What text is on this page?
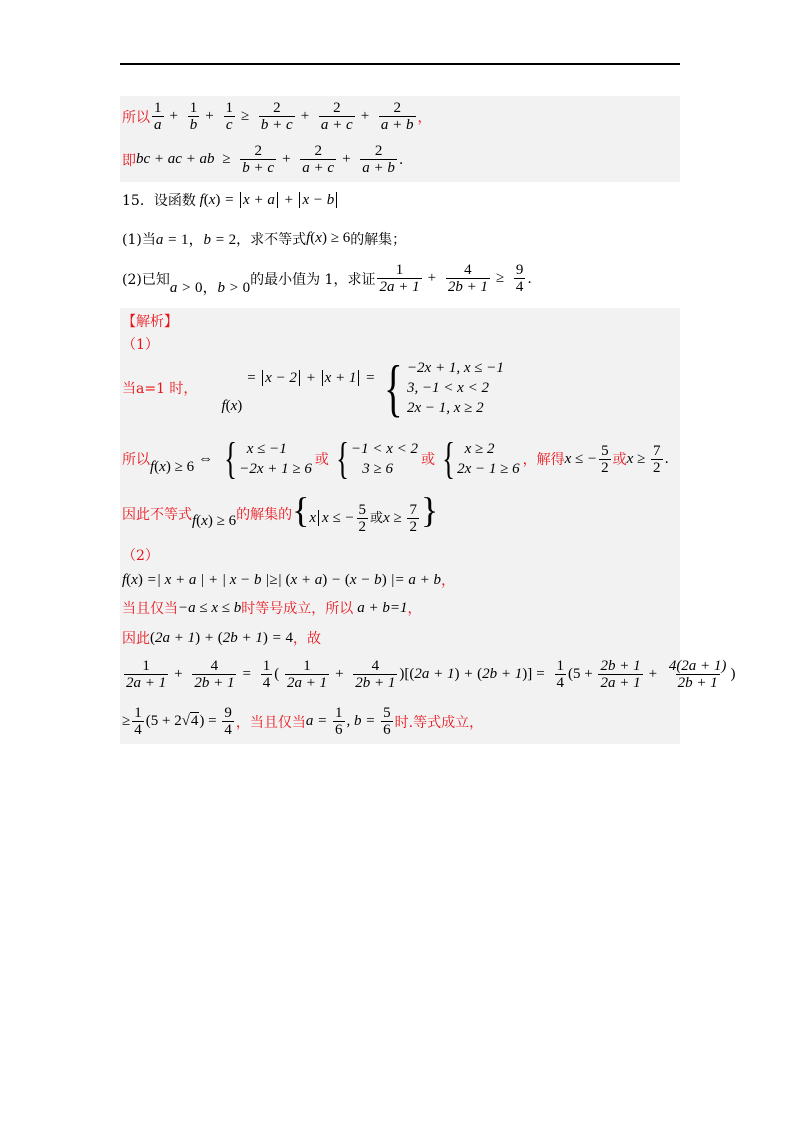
所以 $\frac{1}{a} + \frac{1}{b} + \frac{1}{c} \ge \frac{2}{b + c} + \frac{2}{a + c} + \frac{2}{a + b}$ ，
即 bc + ac + ab ≥ $\frac{2}{b + c} + \frac{2}{a + c} + \frac{2}{a + b}$ .
15．设函数 f(x) = x + a + x − b
(1)当 a = 1，b = 2 ，求不等式 f(x) ≥ 6 的解集；
(2)已知
a > 0，b > 0
的最小值为 1，求证 $\frac{1}{2a + 1} + \frac{4}{2b + 1} \ge \frac{9}{4}$ .
【解析】
（1）
当a=1 时，
f(x)
= x − 2 + x + 1 = { −2x + 1, x ≤ −1
3, −1 < x < 2
2x − 1, x ≥ 2
所以 f(x) ≥ 6 ⇔ { x ≤ −1
−2x + 1 ≥ 6
或 { −1 < x < 2
3 ≥ 6
或 { x ≥ 2
2x − 1 ≥ 6
，解得 x ≤ − $\frac{5}{2}$ 或 $x \ge \frac{7}{2}$ .
因此不等式 f(x) ≥ 6 的解集的 {x x ≤ − $\frac{5}{2}$ 或$x \ge \frac{7}{2}$ }
（2）
f(x) =| x + a | + | x − b |≥| (x + a) − (x − b) |= a + b ，
当且仅当 −a ≤ x ≤ b 时等号成立，所以 a + b=1 ，
因此 (2a + 1) + (2b + 1) = 4 ，故
$\frac{1}{2a + 1} + \frac{4}{2b + 1} = \frac{1}{4}$ ( $\frac{1}{2a + 1} + \frac{4}{2b + 1} )[(2a + 1) + (2b + 1)] = \frac{1}{4} (5 + \frac{2b + 1}{2a + 1} + \frac{4(2a + 1)}{2b + 1}$ )
≥ $\frac{1}{4} (5 + 2√4) = \frac{9}{4}$ ，当且仅当 $a = \frac{1}{6}$ , $b = \frac{5}{6}$ 时.等式成立，
